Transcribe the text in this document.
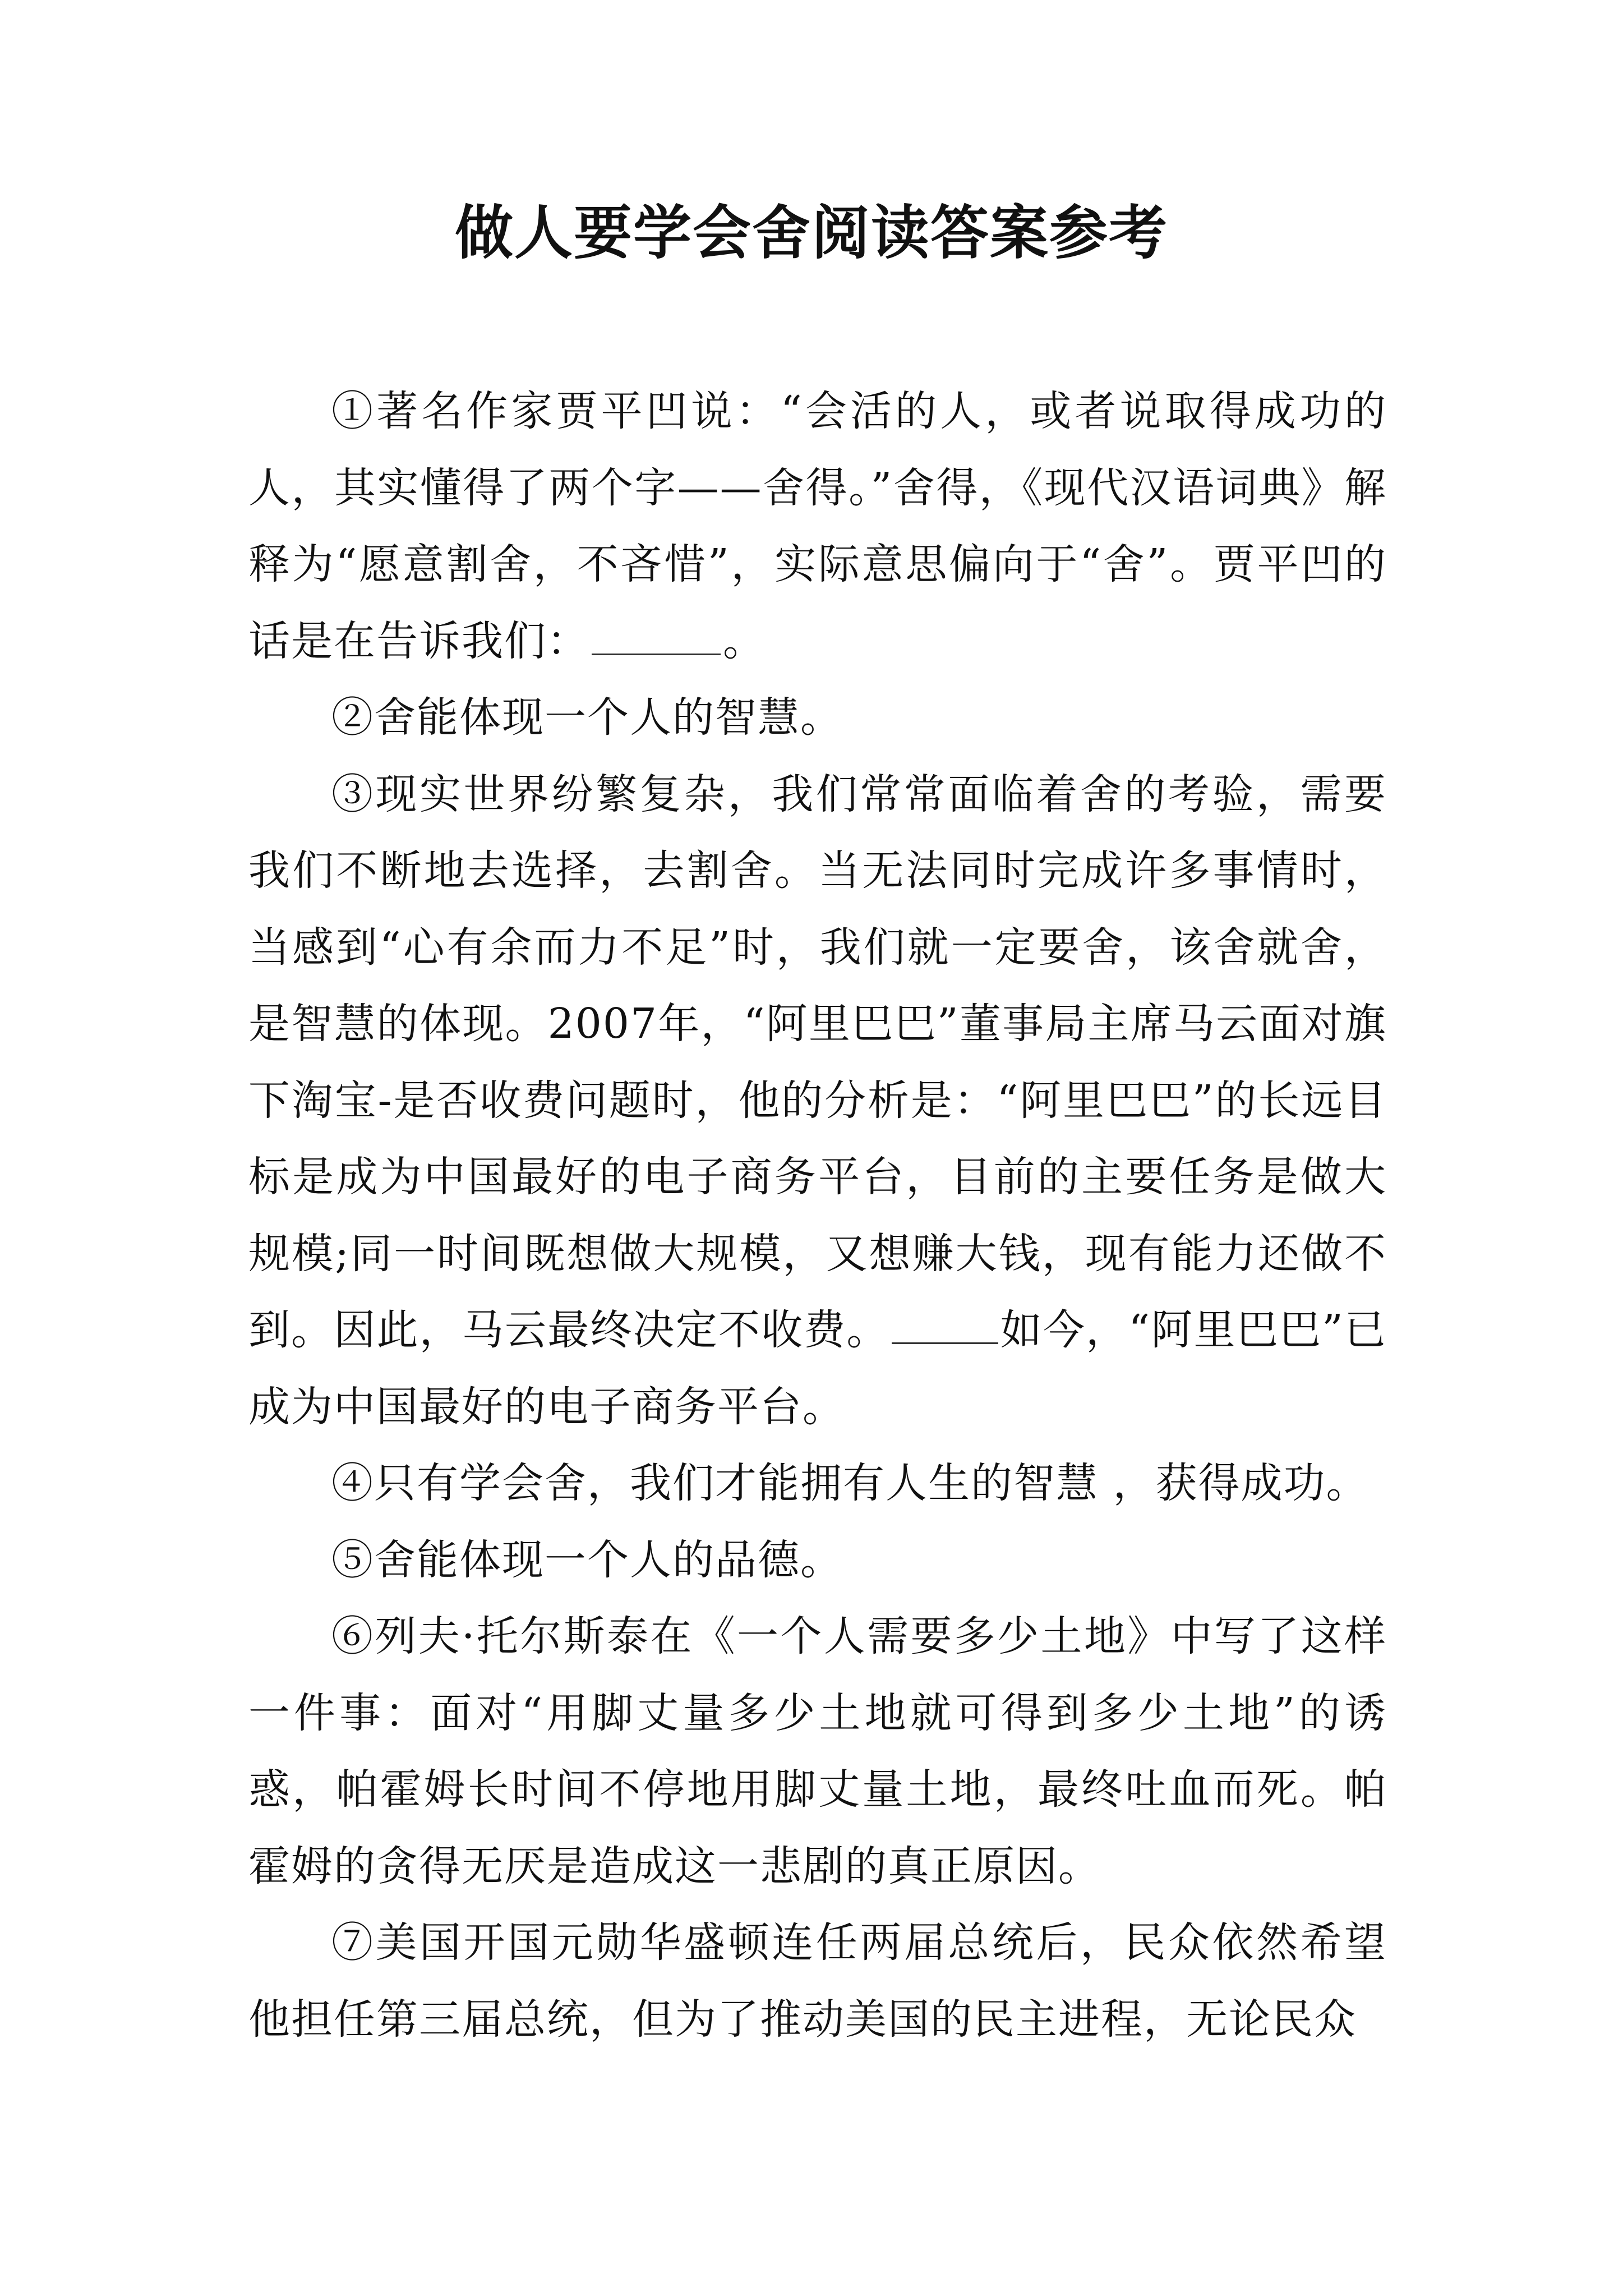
做人要学会舍阅读答案参考

①著名作家贾平凹说：“会活的人，或者说取得成功的人，其实懂得了两个字——舍得。”舍得，《现代汉语词典》解释为“愿意割舍，不吝惜”，实际意思偏向于“舍”。贾平凹的话是在告诉我们：	。

②舍能体现一个人的智慧。

③现实世界纷繁复杂，我们常常面临着舍的考验，需要我们不断地去选择，去割舍。当无法同时完成许多事情时，当感到“心有余而力不足”时，我们就一定要舍，该舍就舍，是智慧的体现。2007年，“阿里巴巴”董事局主席马云面对旗下淘宝-是否收费问题时，他的分析是：“阿里巴巴”的长远目标是成为中国最好的电子商务平台，目前的主要任务是做大规模;同一时间既想做大规模，又想赚大钱，现有能力还做不到。因此，马云最终决定不收费。	如今，“阿里巴巴”已成为中国最好的电子商务平台。

④只有学会舍，我们才能拥有人生的智慧 ，获得成功。

⑤舍能体现一个人的品德。

⑥列夫·托尔斯泰在《一个人需要多少土地》中写了这样一件事：面对“用脚丈量多少土地就可得到多少土地”的诱惑，帕霍姆长时间不停地用脚丈量土地，最终吐血而死。帕霍姆的贪得无厌是造成这一悲剧的真正原因。

⑦美国开国元勋华盛顿连任两届总统后，民众依然希望他担任第三届总统，但为了推动美国的民主进程，无论民众
